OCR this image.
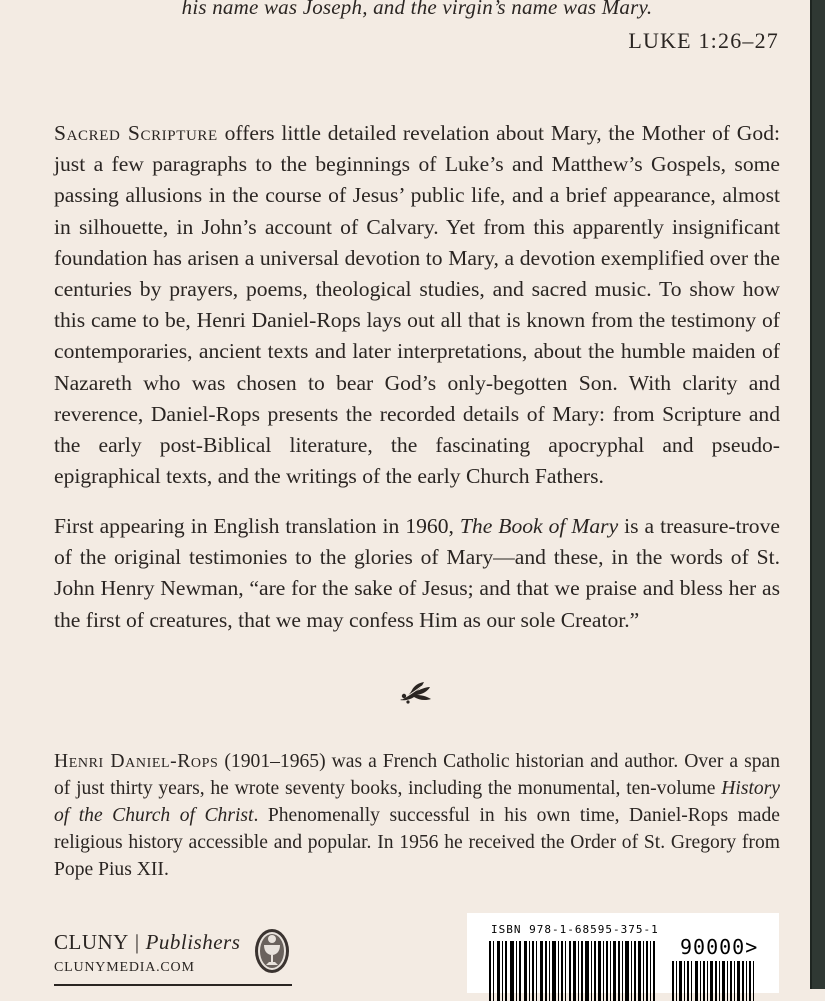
his name was Joseph, and the virgin’s name was Mary.
LUKE 1:26–27

Sacred Scripture offers little detailed revelation about Mary, the Mother of God: just a few paragraphs to the beginnings of Luke’s and Matthew’s Gospels, some passing allusions in the course of Jesus’ public life, and a brief appearance, almost in silhouette, in John’s account of Calvary. Yet from this apparently insignificant foundation has arisen a universal devotion to Mary, a devotion exemplified over the centuries by prayers, poems, theological studies, and sacred music. To show how this came to be, Henri Daniel-Rops lays out all that is known from the testimony of contemporaries, ancient texts and later interpretations, about the humble maiden of Nazareth who was chosen to bear God’s only-begotten Son. With clarity and reverence, Daniel-Rops presents the recorded details of Mary: from Scripture and the early post-Biblical literature, the fascinating apocryphal and pseudo-epigraphical texts, and the writings of the early Church Fathers.

First appearing in English translation in 1960, The Book of Mary is a treasure-trove of the original testimonies to the glories of Mary—and these, in the words of St. John Henry Newman, “are for the sake of Jesus; and that we praise and bless her as the first of creatures, that we may confess Him as our sole Creator.”

Henri Daniel-Rops (1901–1965) was a French Catholic historian and author. Over a span of just thirty years, he wrote seventy books, including the monumental, ten-volume History of the Church of Christ. Phenomenally successful in his own time, Daniel-Rops made religious history accessible and popular. In 1956 he received the Order of St. Gregory from Pope Pius XII.

CLUNY | Publishers
CLUNYMEDIA.COM
ISBN 978-1-68595-375-1
90000>
